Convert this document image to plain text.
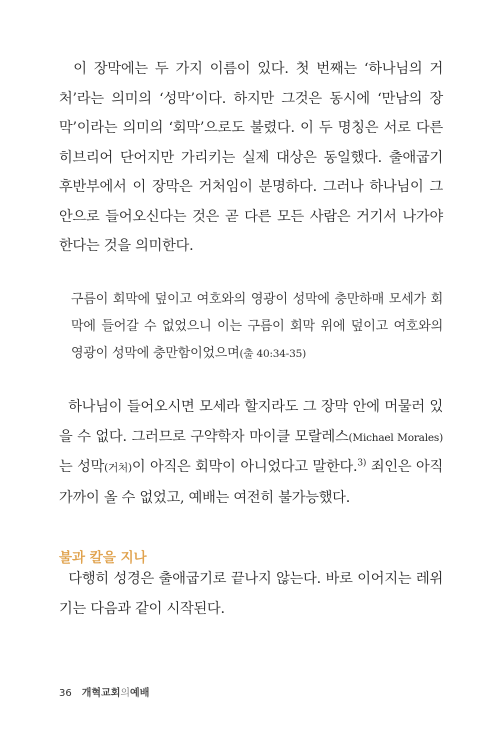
이 장막에는 두 가지 이름이 있다. 첫 번째는 ‘하나님의 거처’라는 의미의 ‘성막’이다. 하지만 그것은 동시에 ‘만남의 장막’이라는 의미의 ‘회막’으로도 불렸다. 이 두 명칭은 서로 다른 히브리어 단어지만 가리키는 실제 대상은 동일했다. 출애굽기 후반부에서 이 장막은 거처임이 분명하다. 그러나 하나님이 그 안으로 들어오신다는 것은 곧 다른 모든 사람은 거기서 나가야 한다는 것을 의미한다.

구름이 회막에 덮이고 여호와의 영광이 성막에 충만하매 모세가 회막에 들어갈 수 없었으니 이는 구름이 회막 위에 덮이고 여호와의 영광이 성막에 충만함이었으며(출 40:34-35)

하나님이 들어오시면 모세라 할지라도 그 장막 안에 머물러 있을 수 없다. 그러므로 구약학자 마이클 모랄레스(Michael Morales)는 성막(거처)이 아직은 회막이 아니었다고 말한다.$^{3)}$ 죄인은 아직 가까이 올 수 없었고, 예배는 여전히 불가능했다.

불과 칼을 지나

다행히 성경은 출애굽기로 끝나지 않는다. 바로 이어지는 레위기는 다음과 같이 시작된다.

36 개혁교회의예배
